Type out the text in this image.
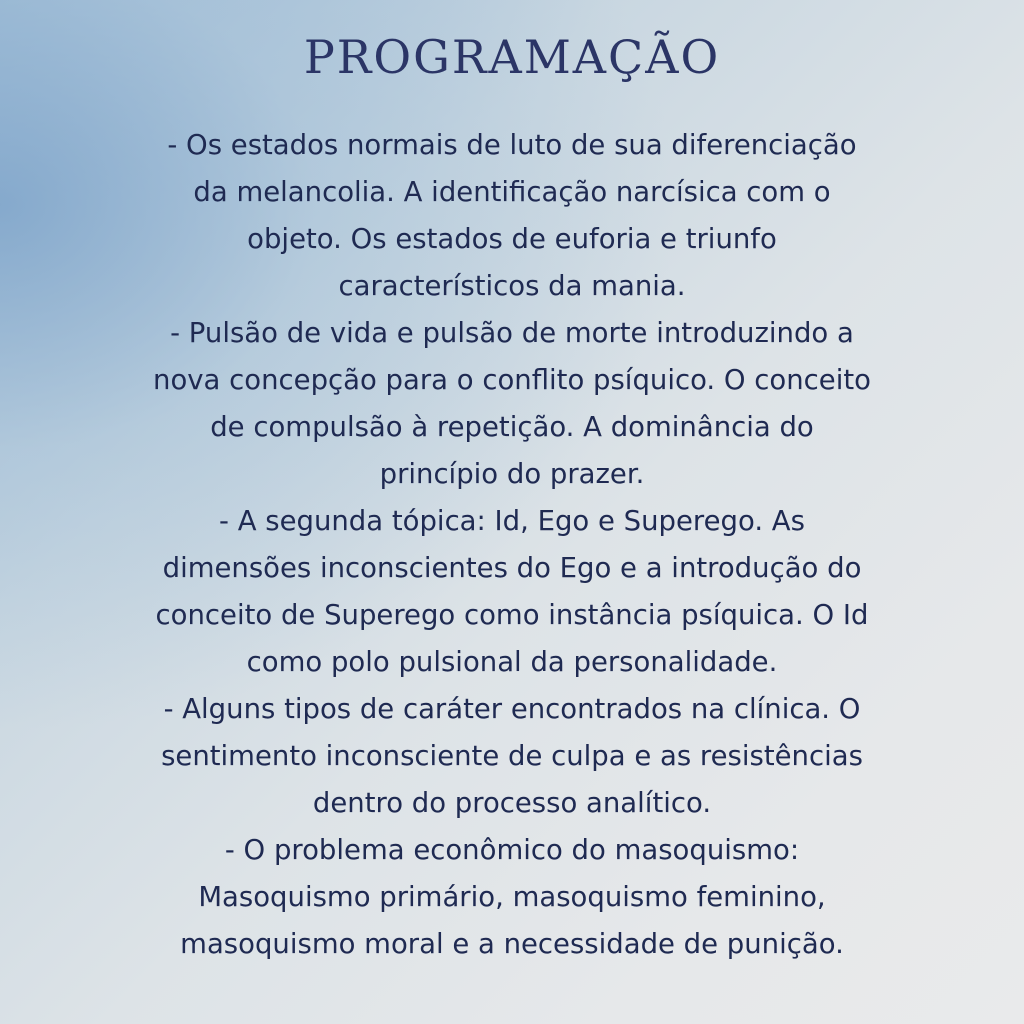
PROGRAMAÇÃO

- Os estados normais de luto de sua diferenciação
da melancolia. A identificação narcísica com o
objeto. Os estados de euforia e triunfo
característicos da mania.
- Pulsão de vida e pulsão de morte introduzindo a
nova concepção para o conflito psíquico. O conceito
de compulsão à repetição. A dominância do
princípio do prazer.
- A segunda tópica: Id, Ego e Superego. As
dimensões inconscientes do Ego e a introdução do
conceito de Superego como instância psíquica. O Id
como polo pulsional da personalidade.
- Alguns tipos de caráter encontrados na clínica. O
sentimento inconsciente de culpa e as resistências
dentro do processo analítico.
- O problema econômico do masoquismo:
Masoquismo primário, masoquismo feminino,
masoquismo moral e a necessidade de punição.
